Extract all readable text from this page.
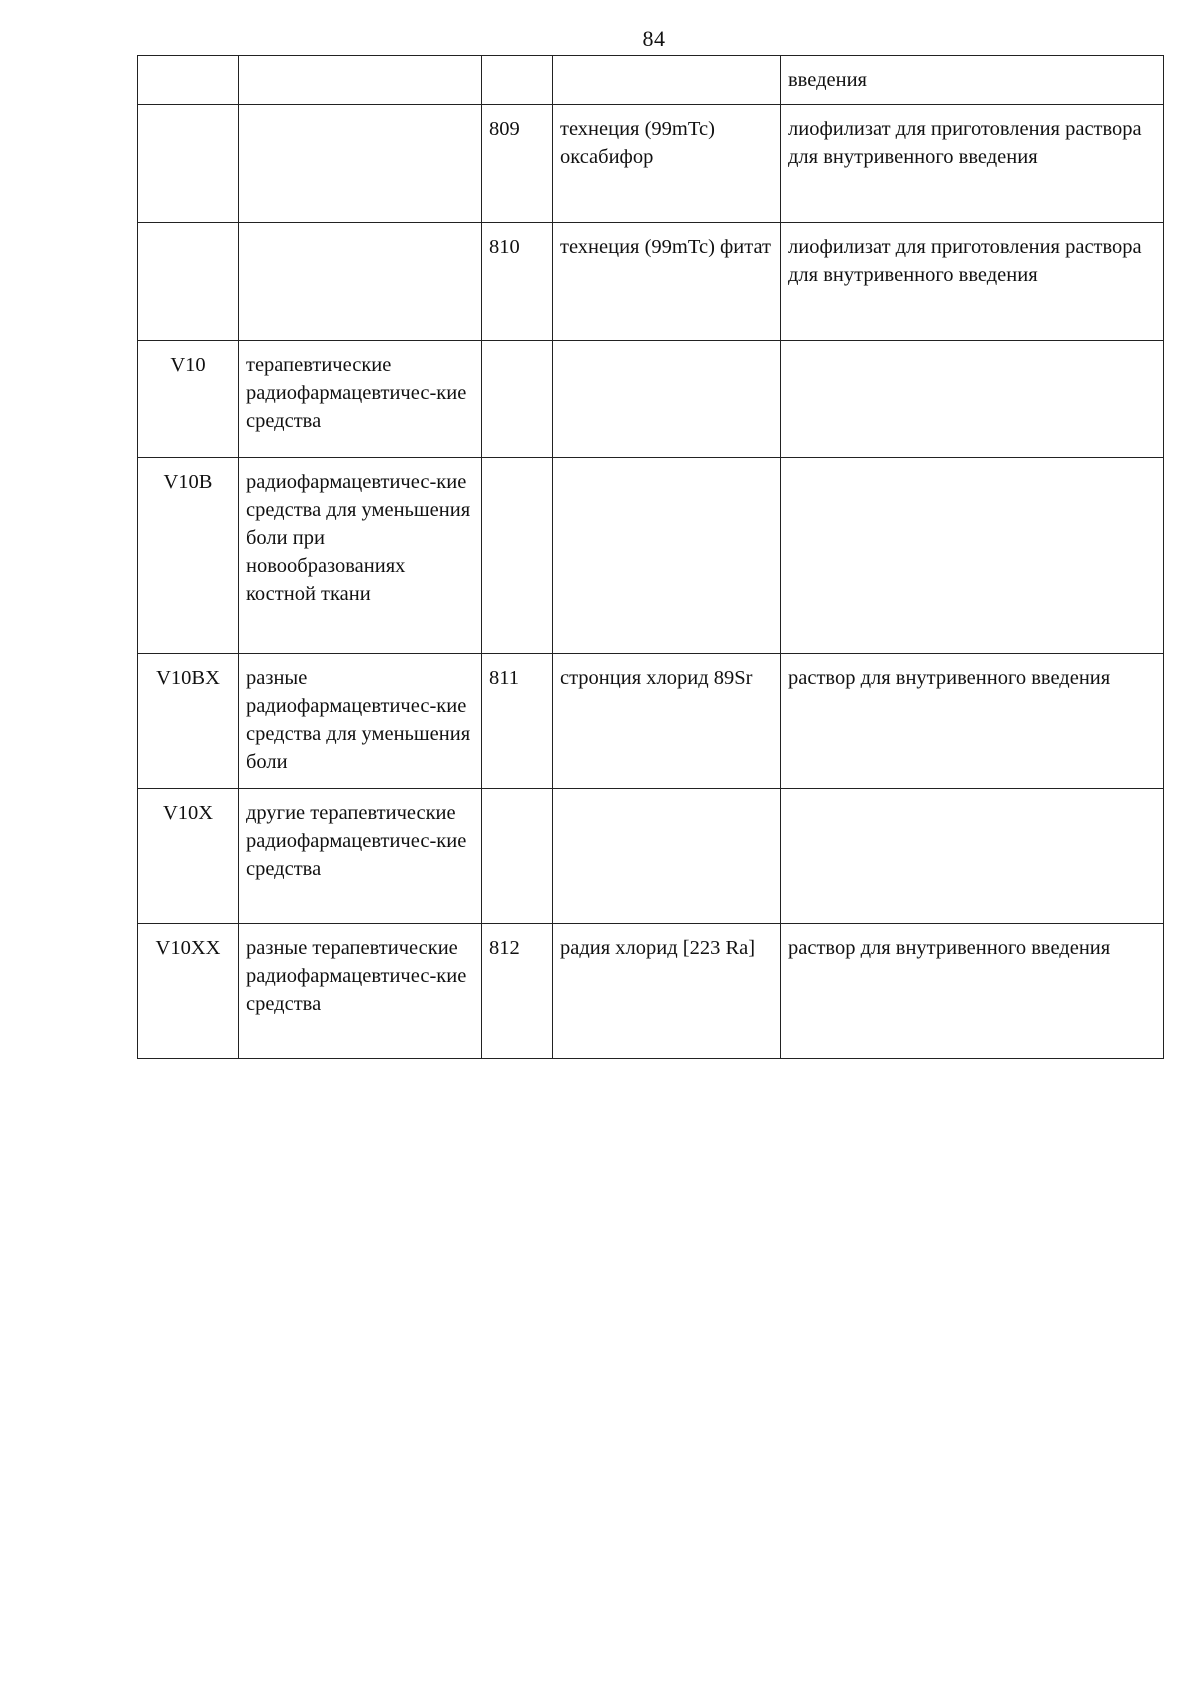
84
				введения
		809	технеция (99mTc) оксабифор	лиофилизат для приготовления раствора для внутривенного введения
		810	технеция (99mTc) фитат	лиофилизат для приготовления раствора для внутривенного введения
V10	терапевтические радиофармацевтичес-кие средства			
V10B	радиофармацевтичес-кие средства для уменьшения боли при новообразованиях костной ткани			
V10BX	разные радиофармацевтичес-кие средства для уменьшения боли	811	стронция хлорид 89Sr	раствор для внутривенного введения
V10X	другие терапевтические радиофармацевтичес-кие средства			
V10XX	разные терапевтические радиофармацевтичес-кие средства	812	радия хлорид [223 Ra]	раствор для внутривенного введения
